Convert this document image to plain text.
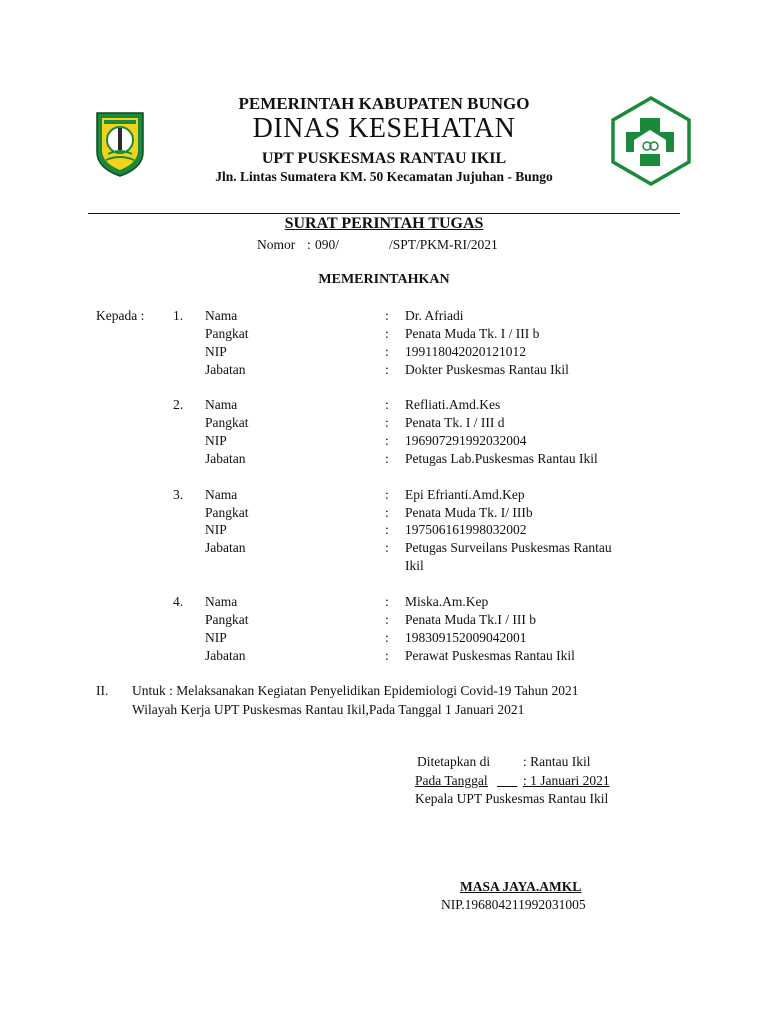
PEMERINTAH KABUPATEN BUNGO
DINAS KESEHATAN
UPT PUSKESMAS RANTAU IKIL
Jln. Lintas Sumatera KM. 50 Kecamatan Jujuhan - Bungo
SURAT PERINTAH TUGAS
Nomor : 090/	/SPT/PKM-RI/2021
MEMERINTAHKAN
Kepada : 1. Nama
Pangkat
NIP
Jabatan
:
:
:
:
Dr. Afriadi
Penata Muda Tk. I / III b
199118042020121012
Dokter Puskesmas Rantau Ikil
2. Nama
Pangkat
NIP
Jabatan
:
:
:
:
Refliati.Amd.Kes
Penata Tk. I / III d
196907291992032004
Petugas Lab.Puskesmas Rantau Ikil
3. Nama
Pangkat
NIP
Jabatan
:
:
:
:
Epi Efrianti.Amd.Kep
Penata Muda Tk. I/ IIIb
197506161998032002
Petugas Surveilans Puskesmas Rantau
Ikil
4. Nama
Pangkat
NIP
Jabatan
:
:
:
:
Miska.Am.Kep
Penata Muda Tk.I / III b
198309152009042001
Perawat Puskesmas Rantau Ikil
II. Untuk : Melaksanakan Kegiatan Penyelidikan Epidemiologi Covid-19 Tahun 2021
Wilayah Kerja UPT Puskesmas Rantau Ikil,Pada Tanggal 1 Januari 2021
Ditetapkan di : Rantau Ikil
Pada Tanggal
	: 1 Januari 2021
Kepala UPT Puskesmas Rantau Ikil
MASA JAYA.AMKL
NIP.196804211992031005
